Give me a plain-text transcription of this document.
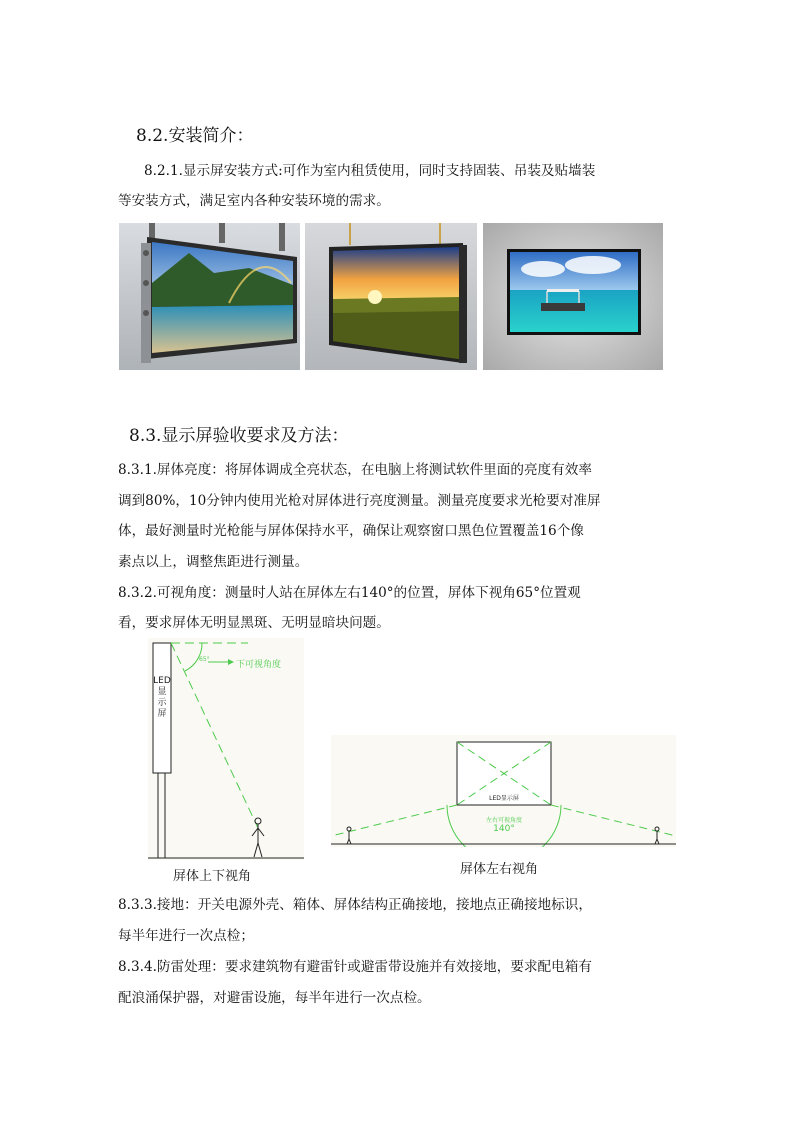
8.2.安装简介：

8.2.1.显示屏安装方式:可作为室内租赁使用，同时支持固装、吊装及贴墙装

等安装方式，满足室内各种安装环境的需求。

8.3.显示屏验收要求及方法：

8.3.1.屏体亮度：将屏体调成全亮状态，在电脑上将测试软件里面的亮度有效率

调到80%，10分钟内使用光枪对屏体进行亮度测量。测量亮度要求光枪要对准屏

体，最好测量时光枪能与屏体保持水平，确保让观察窗口黑色位置覆盖16个像

素点以上，调整焦距进行测量。

8.3.2.可视角度：测量时人站在屏体左右140°的位置，屏体下视角65°位置观

看，要求屏体无明显黑斑、无明显暗块问题。

LED
显
示
屏
65°
下可视角度
屏体上下视角
LED显示屏
左右可视角度
140°
屏体左右视角

8.3.3.接地：开关电源外壳、箱体、屏体结构正确接地，接地点正确接地标识，

每半年进行一次点检；

8.3.4.防雷处理：要求建筑物有避雷针或避雷带设施并有效接地，要求配电箱有

配浪涌保护器，对避雷设施，每半年进行一次点检。
